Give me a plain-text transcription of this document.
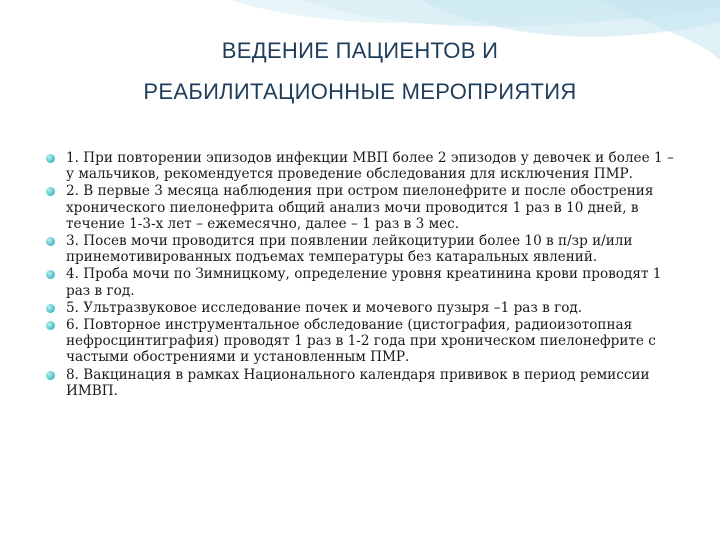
ВЕДЕНИЕ ПАЦИЕНТОВ И
РЕАБИЛИТАЦИОННЫЕ МЕРОПРИЯТИЯ
1. При повторении эпизодов инфекции МВП более 2 эпизодов у девочек и более 1 – у мальчиков, рекомендуется проведение обследования для исключения ПМР.
2. В первые 3 месяца наблюдения при остром пиелонефрите и после обострения хронического пиелонефрита общий анализ мочи проводится 1 раз в 10 дней, в течение 1-3-х лет – ежемесячно, далее – 1 раз в 3 мес.
3. Посев мочи проводится при появлении лейкоцитурии более 10 в п/зр и/или принемотивированных подъемах температуры без катаральных явлений.
4. Проба мочи по Зимницкому, определение уровня креатинина крови проводят 1 раз в год.
5. Ультразвуковое исследование почек и мочевого пузыря –1 раз в год.
6. Повторное инструментальное обследование (цистография, радиоизотопная нефросцинтиграфия) проводят 1 раз в 1-2 года при хроническом пиелонефрите с частыми обострениями и установленным ПМР.
8. Вакцинация в рамках Национального календаря прививок в период ремиссии ИМВП.
